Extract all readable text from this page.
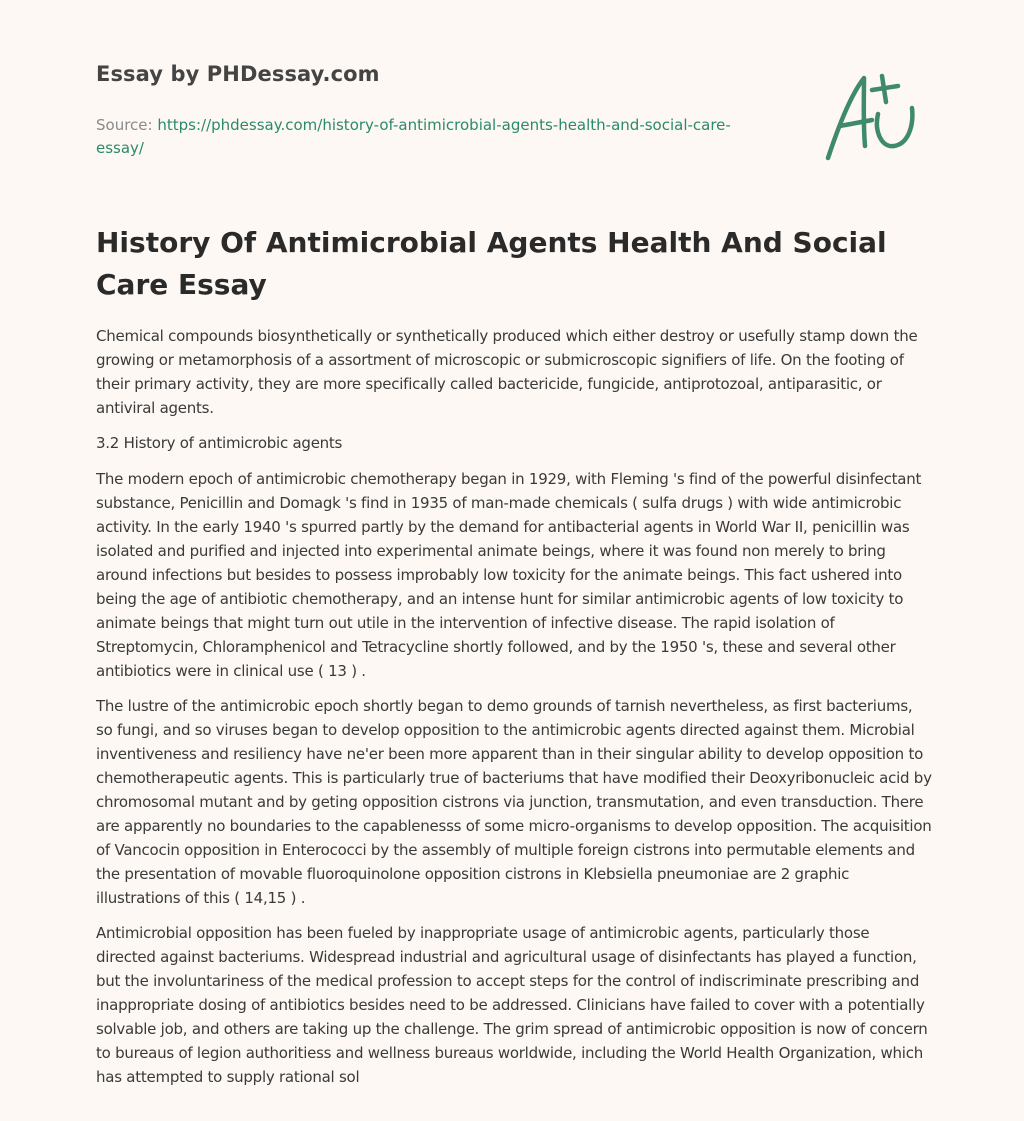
Essay by PHDessay.com
Source: https://phdessay.com/history-of-antimicrobial-agents-health-and-social-care-essay/
History Of Antimicrobial Agents Health And Social Care Essay

Chemical compounds biosynthetically or synthetically produced which either destroy or usefully stamp down the growing or metamorphosis of a assortment of microscopic or submicroscopic signifiers of life. On the footing of their primary activity, they are more specifically called bactericide, fungicide, antiprotozoal, antiparasitic, or antiviral agents.

3.2 History of antimicrobic agents

The modern epoch of antimicrobic chemotherapy began in 1929, with Fleming 's find of the powerful disinfectant substance, Penicillin and Domagk 's find in 1935 of man-made chemicals ( sulfa drugs ) with wide antimicrobic activity. In the early 1940 's spurred partly by the demand for antibacterial agents in World War II, penicillin was isolated and purified and injected into experimental animate beings, where it was found non merely to bring around infections but besides to possess improbably low toxicity for the animate beings. This fact ushered into being the age of antibiotic chemotherapy, and an intense hunt for similar antimicrobic agents of low toxicity to animate beings that might turn out utile in the intervention of infective disease. The rapid isolation of Streptomycin, Chloramphenicol and Tetracycline shortly followed, and by the 1950 's, these and several other antibiotics were in clinical use ( 13 ) .

The lustre of the antimicrobic epoch shortly began to demo grounds of tarnish nevertheless, as first bacteriums, so fungi, and so viruses began to develop opposition to the antimicrobic agents directed against them. Microbial inventiveness and resiliency have ne'er been more apparent than in their singular ability to develop opposition to chemotherapeutic agents. This is particularly true of bacteriums that have modified their Deoxyribonucleic acid by chromosomal mutant and by geting opposition cistrons via junction, transmutation, and even transduction. There are apparently no boundaries to the capablenesss of some micro-organisms to develop opposition. The acquisition of Vancocin opposition in Enterococci by the assembly of multiple foreign cistrons into permutable elements and the presentation of movable fluoroquinolone opposition cistrons in Klebsiella pneumoniae are 2 graphic illustrations of this ( 14,15 ) .

Antimicrobial opposition has been fueled by inappropriate usage of antimicrobic agents, particularly those directed against bacteriums. Widespread industrial and agricultural usage of disinfectants has played a function, but the involuntariness of the medical profession to accept steps for the control of indiscriminate prescribing and inappropriate dosing of antibiotics besides need to be addressed. Clinicians have failed to cover with a potentially solvable job, and others are taking up the challenge. The grim spread of antimicrobic opposition is now of concern to bureaus of legion authoritiess and wellness bureaus worldwide, including the World Health Organization, which has attempted to supply rational sol
